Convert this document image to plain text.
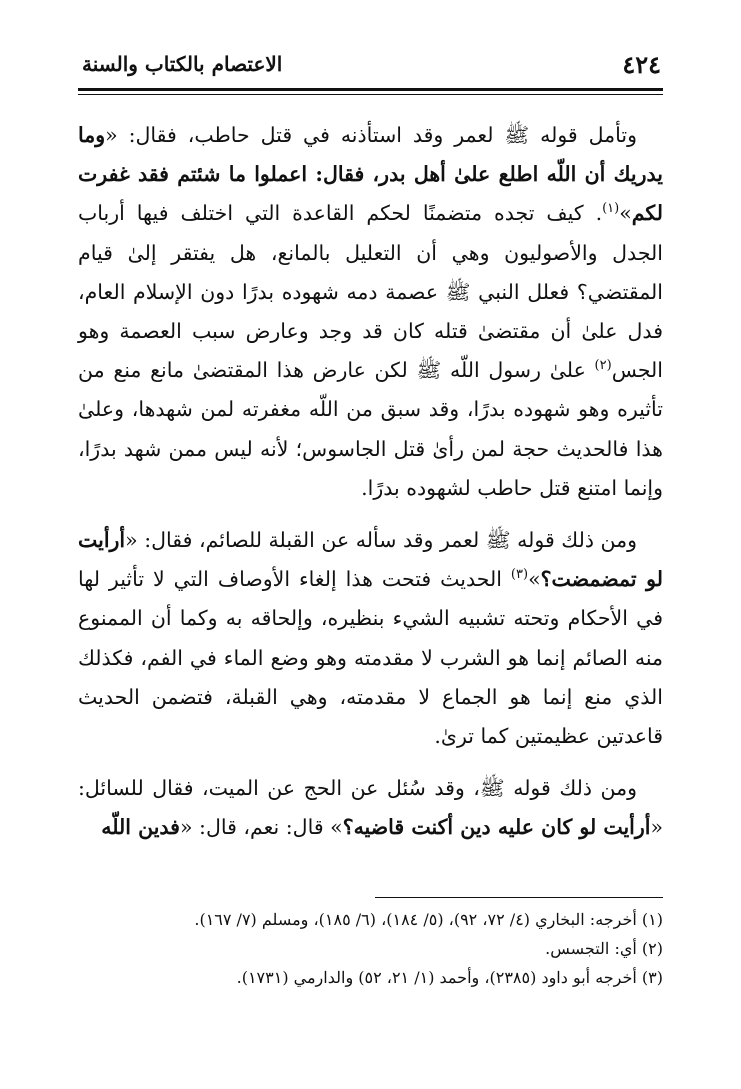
٤٢٤
الاعتصام بالكتاب والسنة

وتأمل قوله ﷺ لعمر وقد استأذنه في قتل حاطب، فقال: «وما يدريك أن اللّه اطلع علىٰ أهل بدر، فقال: اعملوا ما شئتم فقد غفرت لكم»$^{(١)}$. كيف تجده متضمنًا لحكم القاعدة التي اختلف فيها أرباب الجدل والأصوليون وهي أن التعليل بالمانع، هل يفتقر إلىٰ قيام المقتضي؟ فعلل النبي ﷺ عصمة دمه شهوده بدرًا دون الإسلام العام، فدل علىٰ أن مقتضىٰ قتله كان قد وجد وعارض سبب العصمة وهو الجس$^{(٢)}$ علىٰ رسول اللّه ﷺ لكن عارض هذا المقتضىٰ مانع منع من تأثيره وهو شهوده بدرًا، وقد سبق من اللّه مغفرته لمن شهدها، وعلىٰ هذا فالحديث حجة لمن رأىٰ قتل الجاسوس؛ لأنه ليس ممن شهد بدرًا، وإنما امتنع قتل حاطب لشهوده بدرًا.

ومن ذلك قوله ﷺ لعمر وقد سأله عن القبلة للصائم، فقال: «أرأيت لو تمضمضت؟»$^{(٣)}$ الحديث فتحت هذا إلغاء الأوصاف التي لا تأثير لها في الأحكام وتحته تشبيه الشيء بنظيره، وإلحاقه به وكما أن الممنوع منه الصائم إنما هو الشرب لا مقدمته وهو وضع الماء في الفم، فكذلك الذي منع إنما هو الجماع لا مقدمته، وهي القبلة، فتضمن الحديث قاعدتين عظيمتين كما ترىٰ.

ومن ذلك قوله ﷺ، وقد سُئل عن الحج عن الميت، فقال للسائل: «أرأيت لو كان عليه دين أكنت قاضيه؟» قال: نعم، قال: «فدين اللّه

(١) أخرجه: البخاري (٤/ ٧٢، ٩٢)، (٥/ ١٨٤)، (٦/ ١٨٥)، ومسلم (٧/ ١٦٧).
(٢) أي: التجسس.
(٣) أخرجه أبو داود (٢٣٨٥)، وأحمد (١/ ٢١، ٥٢) والدارمي (١٧٣١).
